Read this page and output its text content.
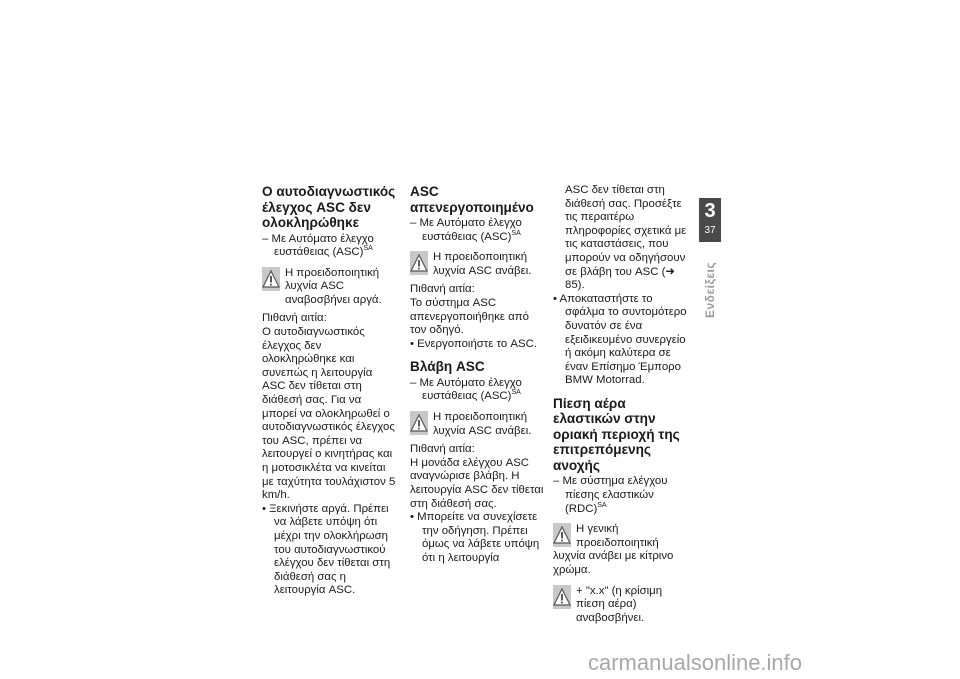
Ο αυτοδιαγνωστικός έλεγχος ASC δεν ολοκληρώθηκε

– Με Αυτόματο έλεγχο ευστάθειας (ASC)$^{SA}$

Η προειδοποιητική λυχνία ASC αναβοσβήνει αργά.

Πιθανή αιτία:

Ο αυτοδιαγνωστικός έλεγχος δεν ολοκληρώθηκε και συνεπώς η λειτουργία ASC δεν τίθεται στη διάθεσή σας. Για να μπορεί να ολοκληρωθεί ο αυτοδιαγνωστικός έλεγχος του ASC, πρέπει να λειτουργεί ο κινητήρας και η μοτοσικλέτα να κινείται με ταχύτητα τουλάχιστον 5 km/h.

• Ξεκινήστε αργά. Πρέπει να λάβετε υπόψη ότι μέχρι την ολοκλήρωση του αυτοδιαγνωστικού ελέγχου δεν τίθεται στη διάθεσή σας η λειτουργία ASC.

ASC απενεργοποιημένο

– Με Αυτόματο έλεγχο ευστάθειας (ASC)$^{SA}$

Η προειδοποιητική λυχνία ASC ανάβει.

Πιθανή αιτία:

Το σύστημα ASC απενεργοποιήθηκε από τον οδηγό.

• Ενεργοποιήστε το ASC.

Βλάβη ASC

– Με Αυτόματο έλεγχο ευστάθειας (ASC)$^{SA}$

Η προειδοποιητική λυχνία ASC ανάβει.

Πιθανή αιτία:

Η μονάδα ελέγχου ASC αναγνώρισε βλάβη. Η λειτουργία ASC δεν τίθεται στη διάθεσή σας.

• Μπορείτε να συνεχίσετε την οδήγηση. Πρέπει όμως να λάβετε υπόψη ότι η λειτουργία

ASC δεν τίθεται στη διάθεσή σας. Προσέξτε τις περαιτέρω πληροφορίες σχετικά με τις καταστάσεις, που μπορούν να οδηγήσουν σε βλάβη του ASC (➜ 85).

• Αποκαταστήστε το σφάλμα το συντομότερο δυνατόν σε ένα εξειδικευμένο συνεργείο ή ακόμη καλύτερα σε έναν Επίσημο Έμπορο BMW Motorrad.

Πίεση αέρα ελαστικών στην οριακή περιοχή της επιτρεπόμενης ανοχής

– Με σύστημα ελέγχου πίεσης ελαστικών (RDC)$^{SA}$

Η γενική προειδοποιητική λυχνία ανάβει με κίτρινο χρώμα.

+ "x.x" (η κρίσιμη πίεση αέρα) αναβοσβήνει.

3
37
Ενδείξεις
carmanualsonline.info
